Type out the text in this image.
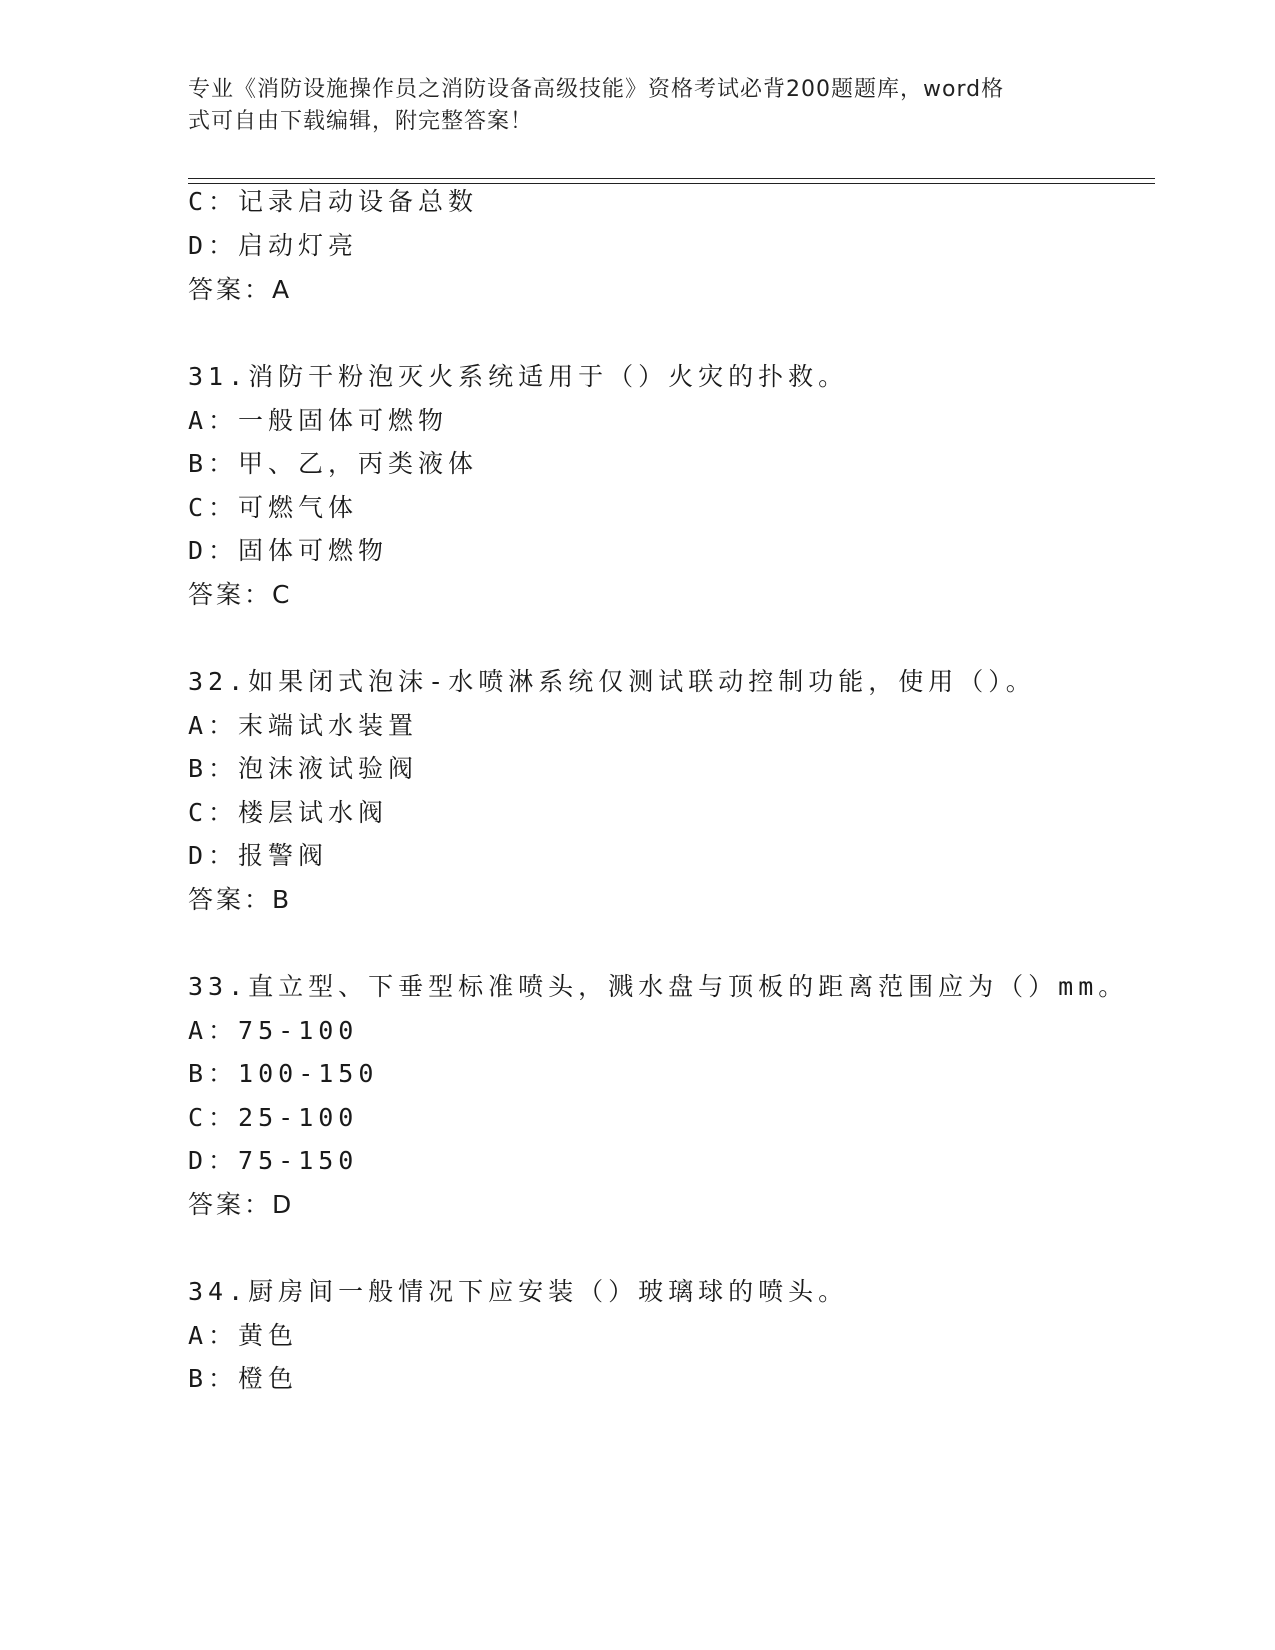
专业《消防设施操作员之消防设备高级技能》资格考试必背200题题库，word格
式可自由下载编辑，附完整答案！
C：记录启动设备总数
D：启动灯亮
答案：A
31.消防干粉泡灭火系统适用于（）火灾的扑救。
A：一般固体可燃物
B：甲、乙，丙类液体
C：可燃气体
D：固体可燃物
答案：C
32.如果闭式泡沫-水喷淋系统仅测试联动控制功能，使用（）。
A：末端试水装置
B：泡沫液试验阀
C：楼层试水阀
D：报警阀
答案：B
33.直立型、下垂型标准喷头，溅水盘与顶板的距离范围应为（）mm。
A：75-100
B：100-150
C：25-100
D：75-150
答案：D
34.厨房间一般情况下应安装（）玻璃球的喷头。
A：黄色
B：橙色
